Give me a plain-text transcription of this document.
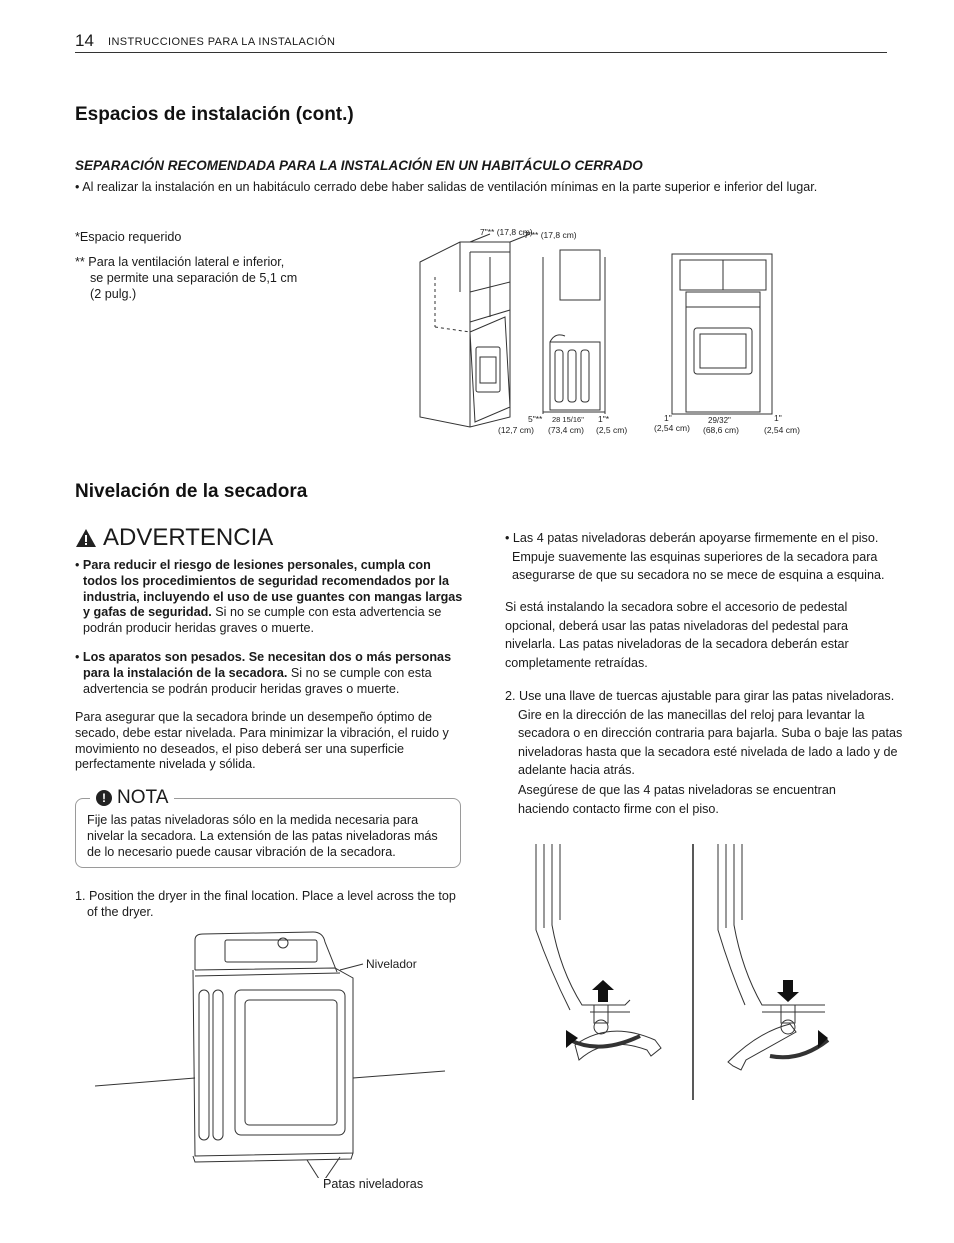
14 INSTRUCCIONES PARA LA INSTALACIÓN
Espacios de instalación (cont.)
SEPARACIÓN RECOMENDADA PARA LA INSTALACIÓN EN UN HABITÁCULO CERRADO
• Al realizar la instalación en un habitáculo cerrado debe haber salidas de ventilación mínimas en la parte superior e inferior del lugar.
*Espacio requerido
** Para la ventilación lateral e inferior,
se permite una separación de 5,1 cm
(2 pulg.)
7"** (17,8 cm)
7"** (17,8 cm)
5"**
(12,7 cm)
28 15/16"
(73,4 cm)
1"*
(2,5 cm)
1"
(2,54 cm)
29/32"
(68,6 cm)
1"
(2,54 cm)
Nivelación de la secadora
ADVERTENCIA
• Para reducir el riesgo de lesiones personales, cumpla con todos los procedimientos de seguridad recomendados por la industria, incluyendo el uso de use guantes con mangas largas y gafas de seguridad. Si no se cumple con esta advertencia se podrán producir heridas graves o muerte.
• Los aparatos son pesados. Se necesitan dos o más personas para la instalación de la secadora. Si no se cumple con esta advertencia se podrán producir heridas graves o muerte.
Para asegurar que la secadora brinde un desempeño óptimo de secado, debe estar nivelada. Para minimizar la vibración, el ruido y movimiento no deseados, el piso deberá ser una superficie perfectamente nivelada y sólida.
! NOTA
Fije las patas niveladoras sólo en la medida necesaria para nivelar la secadora. La extensión de las patas niveladoras más de lo necesario puede causar vibración de la secadora.
1. Position the dryer in the final location. Place a level across the top of the dryer.
Nivelador
Patas niveladoras
• Las 4 patas niveladoras deberán apoyarse firmemente en el piso. Empuje suavemente las esquinas superiores de la secadora para asegurarse de que su secadora no se mece de esquina a esquina.
Si está instalando la secadora sobre el accesorio de pedestal opcional, deberá usar las patas niveladoras del pedestal para nivelarla. Las patas niveladoras de la secadora deberán estar completamente retraídas.
2. Use una llave de tuercas ajustable para girar las patas niveladoras. Gire en la dirección de las manecillas del reloj para levantar la secadora o en dirección contraria para bajarla. Suba o baje las patas niveladoras hasta que la secadora esté nivelada de lado a lado y de adelante hacia atrás.
Asegúrese de que las 4 patas niveladoras se encuentran haciendo contacto firme con el piso.
